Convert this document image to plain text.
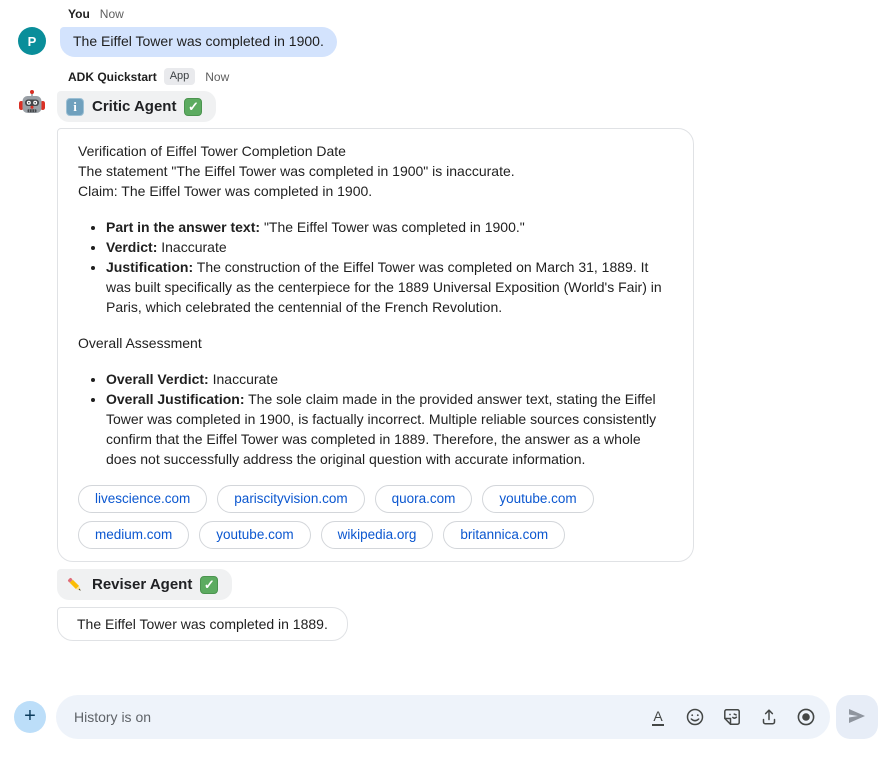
You Now
P	The Eiffel Tower was completed in 1900.
ADK Quickstart	App	Now
i	Critic Agent ✓
Verification of Eiffel Tower Completion Date
The statement "The Eiffel Tower was completed in 1900" is inaccurate.
Claim: The Eiffel Tower was completed in 1900.
• Part in the answer text: "The Eiffel Tower was completed in 1900."
• Verdict: Inaccurate
• Justification: The construction of the Eiffel Tower was completed on March 31, 1889. It was built specifically as the centerpiece for the 1889 Universal Exposition (World's Fair) in Paris, which celebrated the centennial of the French Revolution.
Overall Assessment
• Overall Verdict: Inaccurate
• Overall Justification: The sole claim made in the provided answer text, stating the Eiffel Tower was completed in 1900, is factually incorrect. Multiple reliable sources consistently confirm that the Eiffel Tower was completed in 1889. Therefore, the answer as a whole does not successfully address the original question with accurate information.
livescience.com	pariscityvision.com	quora.com	youtube.com
medium.com	youtube.com	wikipedia.org	britannica.com
Reviser Agent ✓
The Eiffel Tower was completed in 1889.
+
History is on	A
